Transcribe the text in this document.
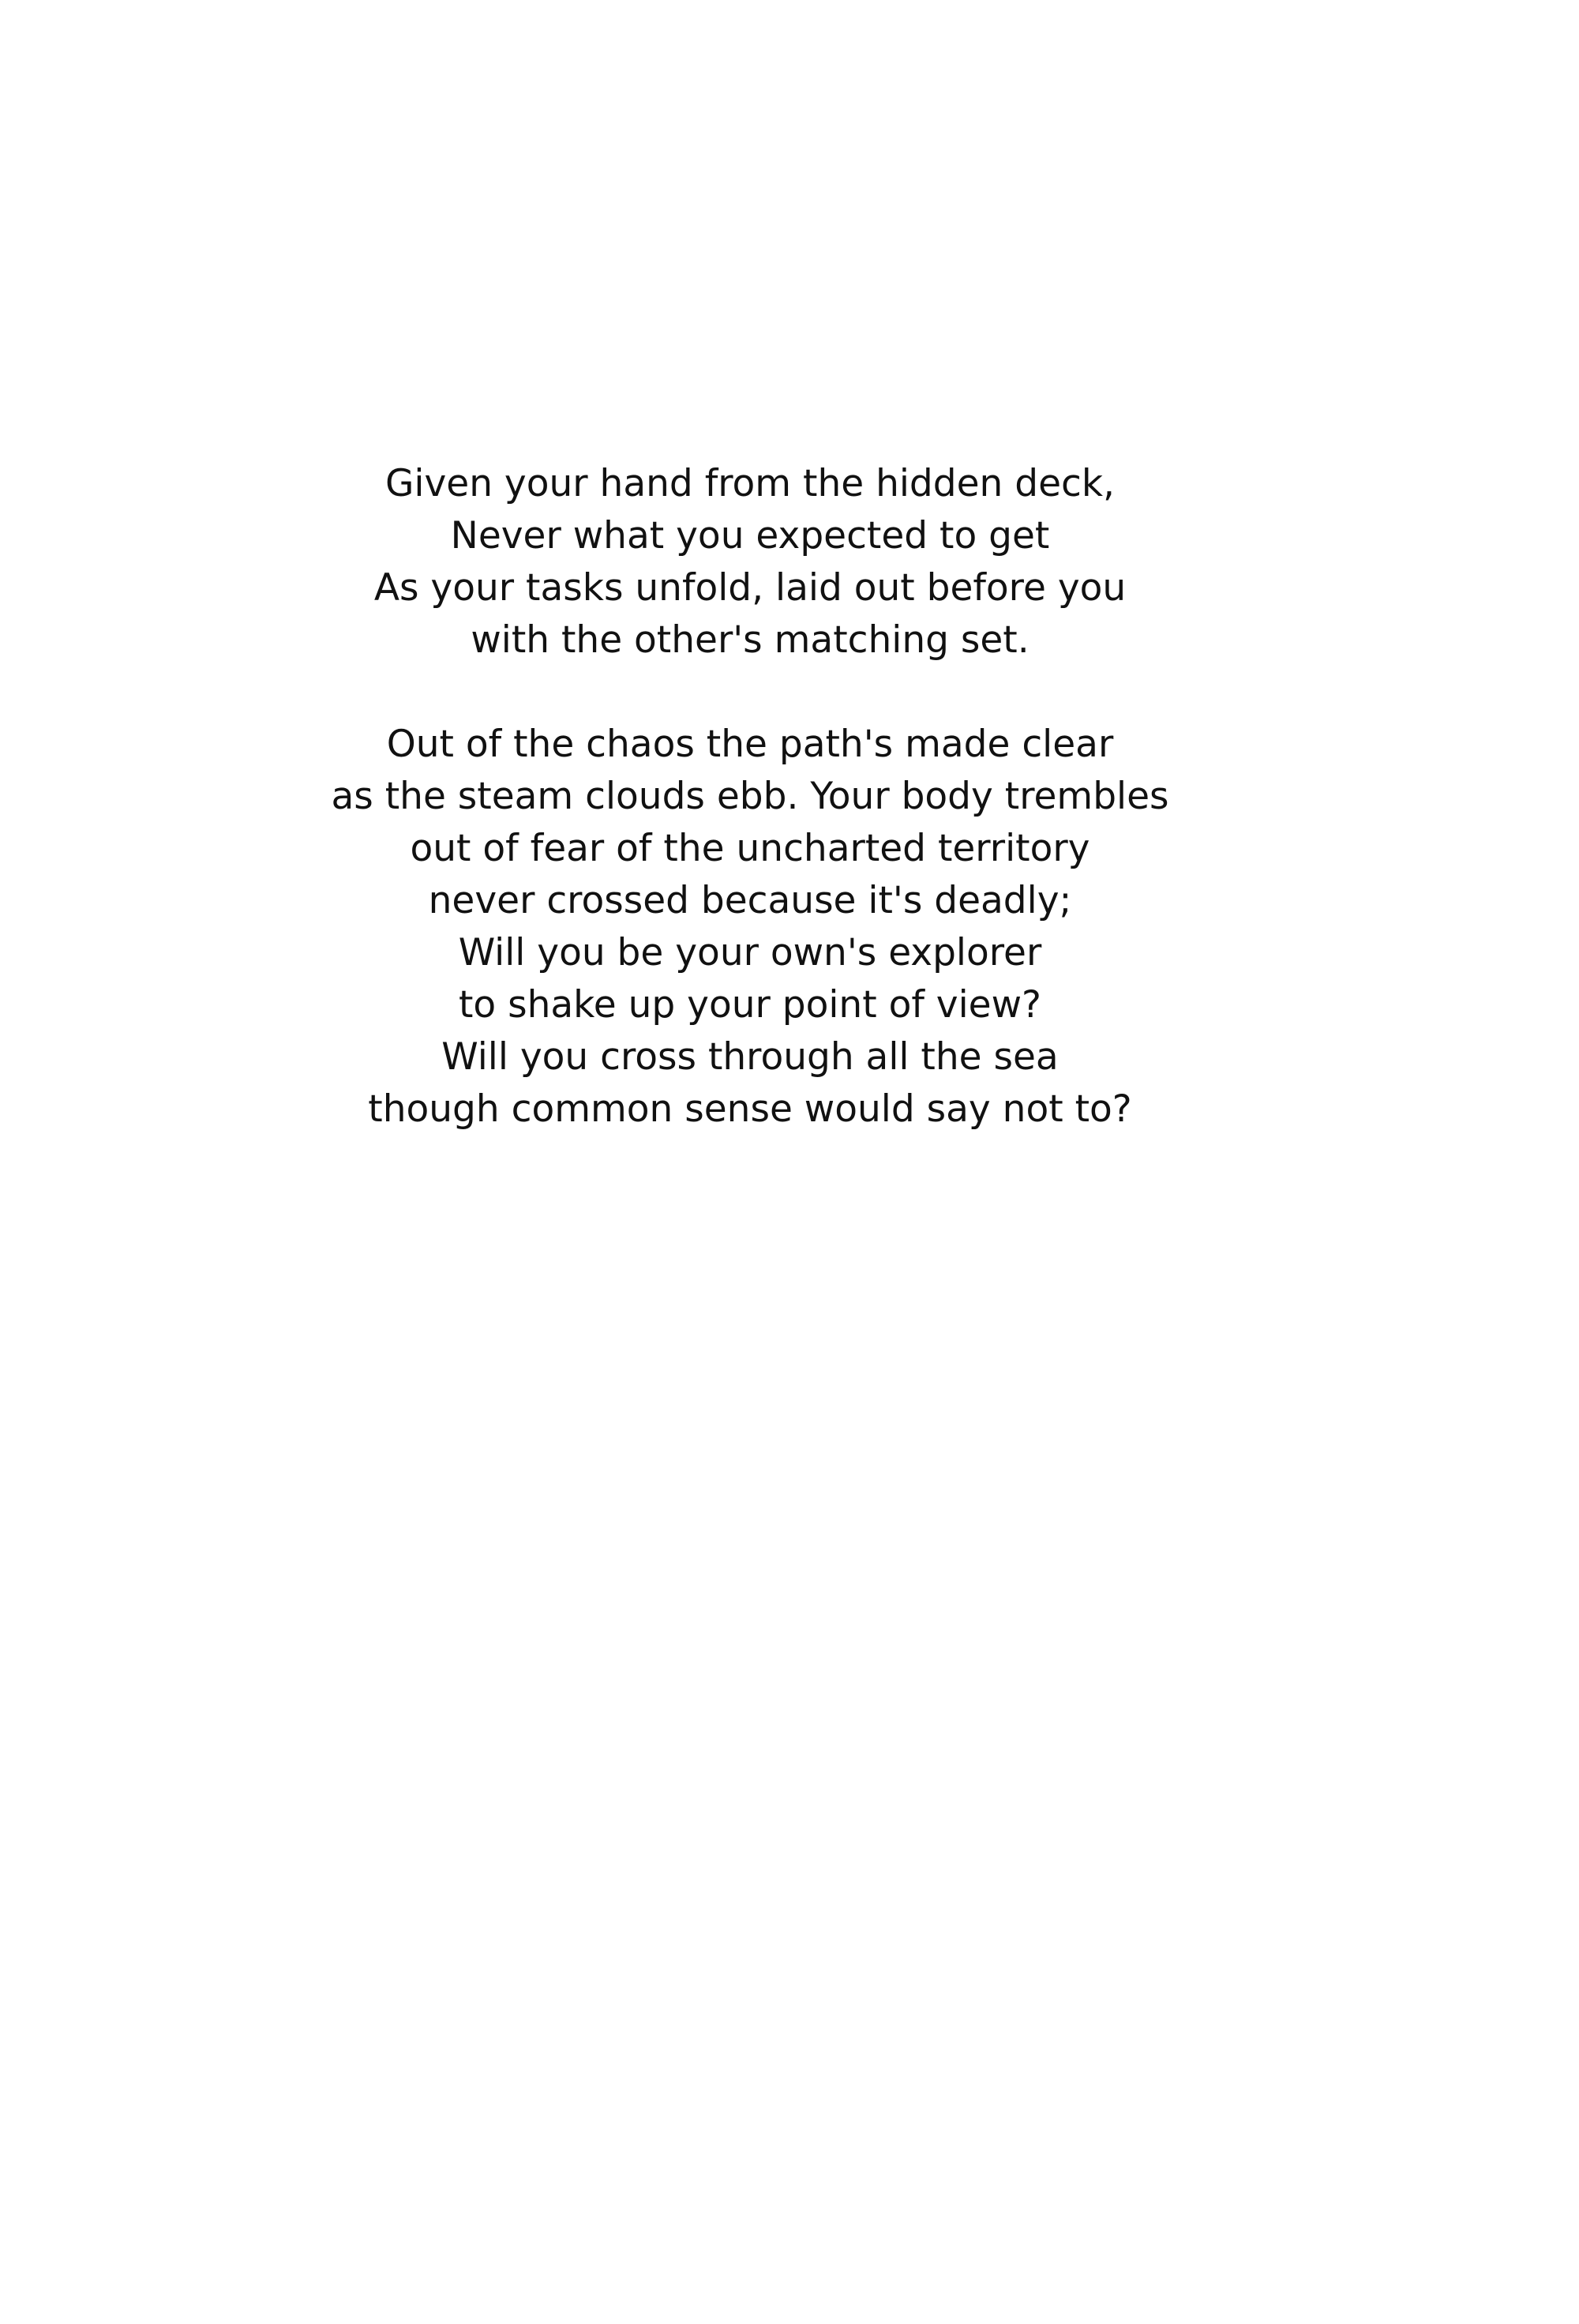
Given your hand from the hidden deck,
Never what you expected to get
As your tasks unfold, laid out before you
with the other's matching set.
Out of the chaos the path's made clear
as the steam clouds ebb. Your body trembles
out of fear of the uncharted territory
never crossed because it's deadly;
Will you be your own's explorer
to shake up your point of view?
Will you cross through all the sea
though common sense would say not to?
